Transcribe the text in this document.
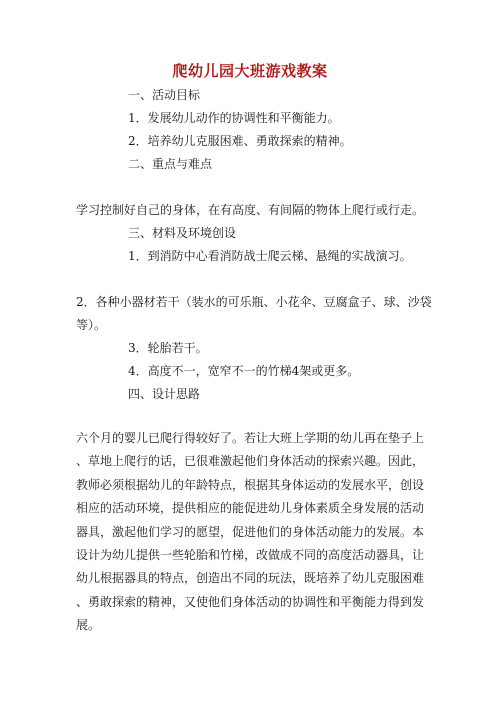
爬幼儿园大班游戏教案
一、活动目标
1．发展幼儿动作的协调性和平衡能力。
2．培养幼儿克服困难、勇敢探索的精神。
二、重点与难点
学习控制好自己的身体，在有高度、有间隔的物体上爬行或行走。
三、材料及环境创设
1．到消防中心看消防战士爬云梯、悬绳的实战演习。
2．各种小器材若干（装水的可乐瓶、小花伞、豆腐盒子、球、沙袋
等）。
3．轮胎若干。
4．高度不一，宽窄不一的竹梯4架或更多。
四、设计思路
六个月的婴儿已爬行得较好了。若让大班上学期的幼儿再在垫子上
、草地上爬行的话，已很难激起他们身体活动的探索兴趣。因此，
教师必须根据幼儿的年龄特点，根据其身体运动的发展水平，创设
相应的活动环境，提供相应的能促进幼儿身体素质全身发展的活动
器具，激起他们学习的愿望，促进他们的身体活动能力的发展。本
设计为幼儿提供一些轮胎和竹梯，改做成不同的高度活动器具，让
幼儿根据器具的特点，创造出不同的玩法，既培养了幼儿克服困难
、勇敢探索的精神，又使他们身体活动的协调性和平衡能力得到发
展。
